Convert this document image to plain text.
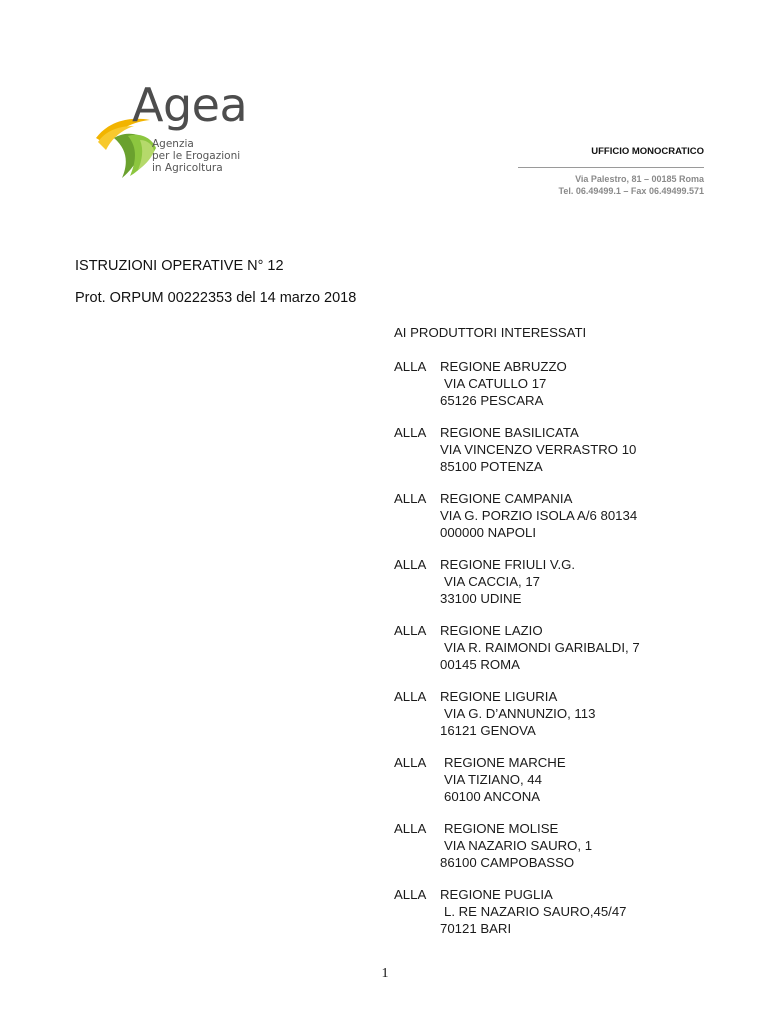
Agea
Agenzia
per le Erogazioni
in Agricoltura
UFFICIO MONOCRATICO
Via Palestro, 81 – 00185 Roma
Tel. 06.49499.1 – Fax 06.49499.571
ISTRUZIONI OPERATIVE N° 12
Prot. ORPUM 00222353 del 14 marzo 2018
AI PRODUTTORI INTERESSATI
ALLA REGIONE ABRUZZO
VIA CATULLO 17
65126 PESCARA
ALLA REGIONE BASILICATA
VIA VINCENZO VERRASTRO 10
85100 POTENZA
ALLA REGIONE CAMPANIA
VIA G. PORZIO ISOLA A/6 80134
000000 NAPOLI
ALLA REGIONE FRIULI V.G.
VIA CACCIA, 17
33100 UDINE
ALLA REGIONE LAZIO
VIA R. RAIMONDI GARIBALDI, 7
00145 ROMA
ALLA REGIONE LIGURIA
VIA G. D’ANNUNZIO, 113
16121 GENOVA
ALLA REGIONE MARCHE
VIA TIZIANO, 44
60100 ANCONA
ALLA REGIONE MOLISE
VIA NAZARIO SAURO, 1
86100 CAMPOBASSO
ALLA REGIONE PUGLIA
L. RE NAZARIO SAURO,45/47
70121 BARI
1
